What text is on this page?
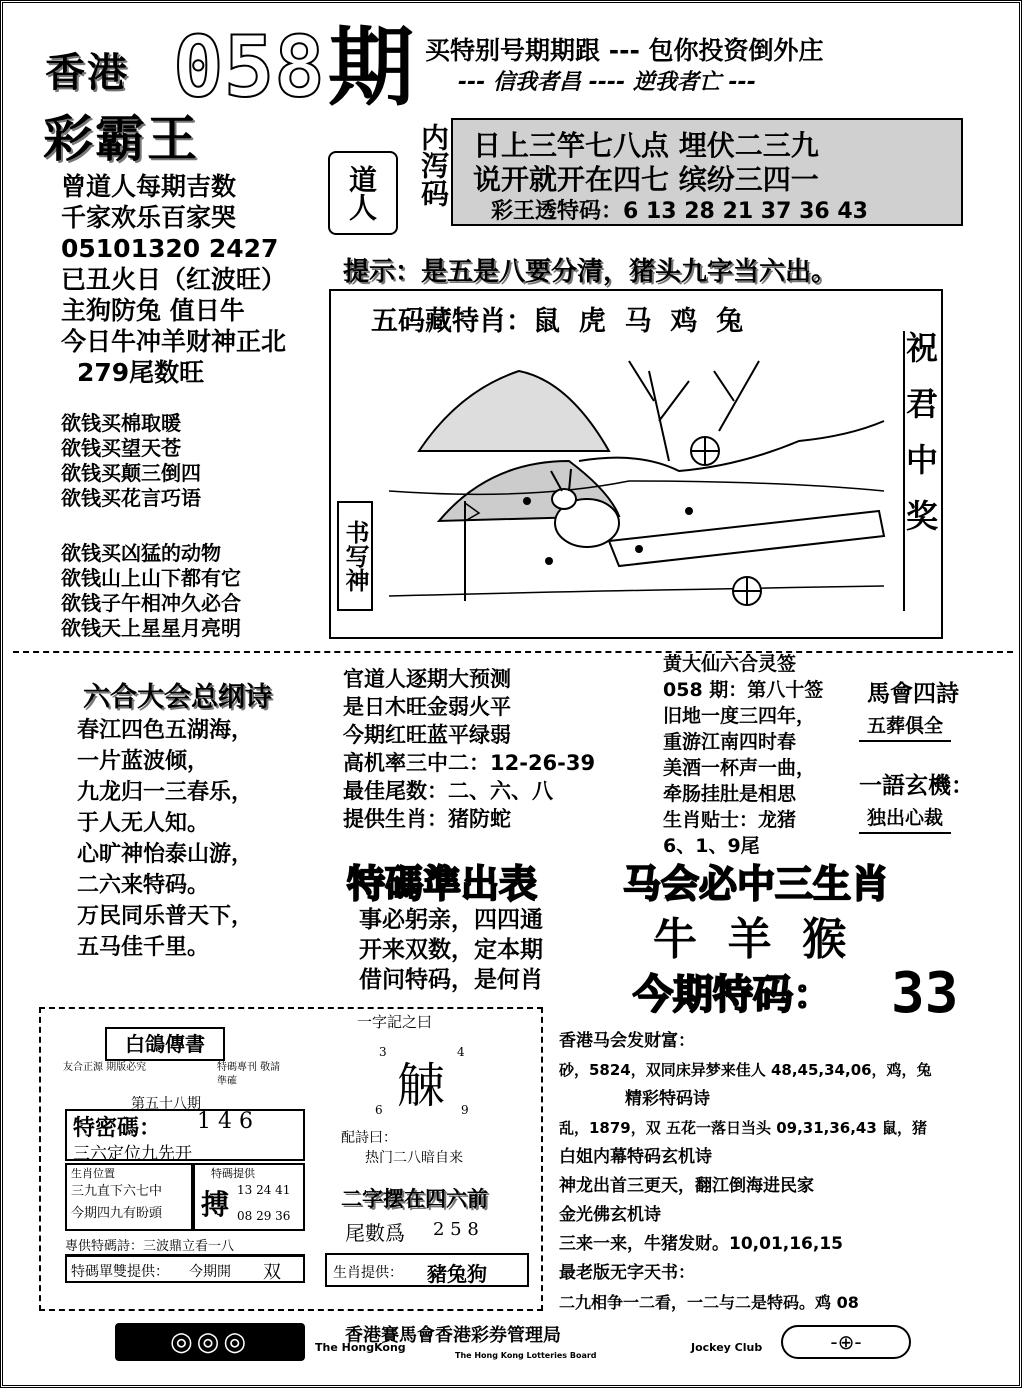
香港 058 期
彩霸王
买特别号期期跟 --- 包你投资倒外庄
--- 信我者昌 ---- 逆我者亡 ---
道人	内泻码 日上三竿七八点 埋伏二三九
说开就开在四七 缤纷三四一
彩王透特码：6 13 28 21 37 36 43
曾道人每期吉数
千家欢乐百家哭
05101320 2427
已丑火日（红波旺）
主狗防兔 值日牛
今日牛冲羊财神正北
279尾数旺
欲钱买棉取暖
欲钱买望天苍
欲钱买颠三倒四
欲钱买花言巧语
欲钱买凶猛的动物
欲钱山上山下都有它
欲钱子午相冲久必合
欲钱天上星星月亮明
提示：是五是八要分清，猪头九字当六出。
五码藏特肖：鼠  虎  马  鸡  兔
书写神
祝君中奖
六合大会总纲诗
春江四色五湖海，
一片蓝波倾，
九龙归一三春乐，
于人无人知。
心旷神怡泰山游，
二六来特码。
万民同乐普天下，
五马佳千里。
官道人逐期大预测
是日木旺金弱火平
今期红旺蓝平绿弱
高机率三中二：12-26-39
最佳尾数：二、六、八
提供生肖：猪防蛇
黄大仙六合灵签
058 期：第八十签
旧地一度三四年，
重游江南四时春
美酒一杯声一曲，
牵肠挂肚是相思
生肖贴士：龙猪
6、1、9尾
馬會四詩
五葬俱全
一語玄機：
独出心裁
特碼準出表
事必躬亲，四四通
开来双数，定本期
借问特码，是何肖
马会必中三生肖
牛  羊  猴
今期特码： 33
白鴿傳書
友合正源 期版必究	特碼專刊 敬請準確
第五十八期
特密碼： 1 4 6
三六定位九先开
生肖位置
三九直下六七中
今期四九有盼頭
特碼提供
搏 13 24 41
08 29 36
專供特碼詩：三波鼎立看一八
特碼單雙提供： 今期開 双
一字記之曰
3	4
觫
6	9
配詩曰：
热门二八暗自来
二字摆在四六前
尾數爲 2 5 8
生肖提供： 豬兔狗
香港马会发财富：
砂，5824，双同床异梦来佳人 48,45,34,06，鸡，兔
精彩特码诗
乱，1879，双 五花一落日当头 09,31,36,43 鼠，猪
白姐内幕特码玄机诗
神龙出首三更天，翻江倒海进民家
金光佛玄机诗
三来一来，牛猪发财。10,01,16,15
最老版无字天书：
二九相争一二看，一二与二是特码。鸡 08
◎◎◎	香港賽馬會香港彩券管理局
The HongKong	Jockey Club
The Hong Kong Lotteries Board
-⊕-
